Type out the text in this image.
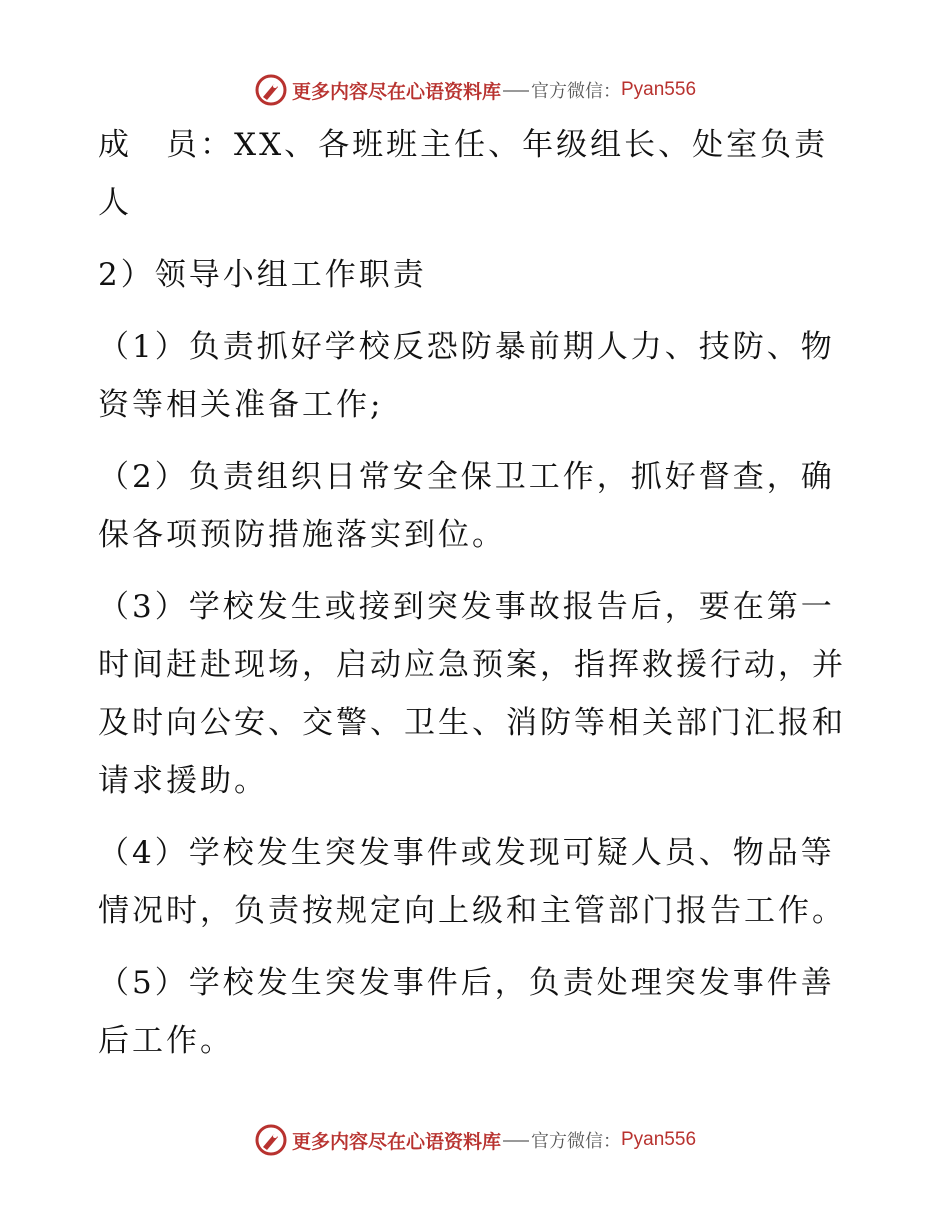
更多内容尽在心语资料库 官方微信： Pyan556

成　员：XX、各班班主任、年级组长、处室负责人

2）领导小组工作职责

（1）负责抓好学校反恐防暴前期人力、技防、物资等相关准备工作;

（2）负责组织日常安全保卫工作，抓好督查，确保各项预防措施落实到位。

（3）学校发生或接到突发事故报告后，要在第一时间赶赴现场，启动应急预案，指挥救援行动，并及时向公安、交警、卫生、消防等相关部门汇报和请求援助。

（4）学校发生突发事件或发现可疑人员、物品等情况时，负责按规定向上级和主管部门报告工作。

（5）学校发生突发事件后，负责处理突发事件善后工作。

更多内容尽在心语资料库 官方微信： Pyan556
